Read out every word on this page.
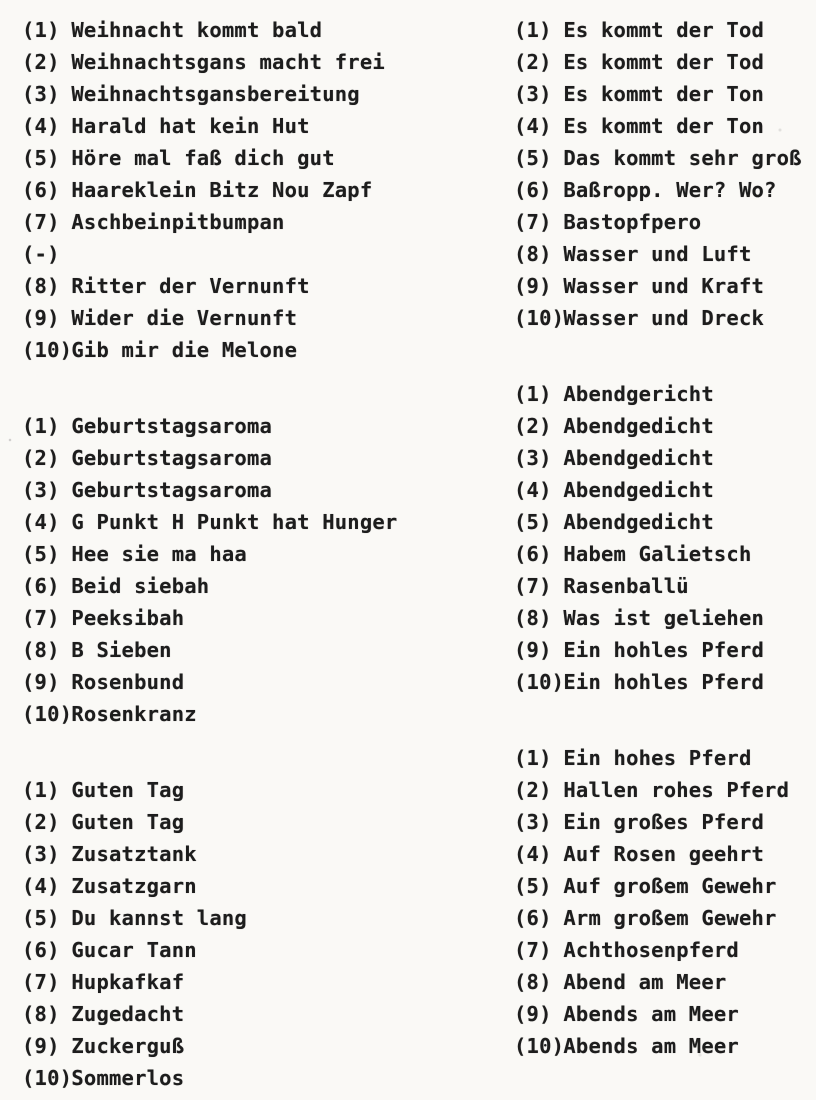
(1) Weihnacht kommt bald
(2) Weihnachtsgans macht frei
(3) Weihnachtsgansbereitung
(4) Harald hat kein Hut
(5) Höre mal faß dich gut
(6) Haareklein Bitz Nou Zapf
(7) Aschbeinpitbumpan
(-)
(8) Ritter der Vernunft
(9) Wider die Vernunft
(10)Gib mir die Melone
(1) Geburtstagsaroma
(2) Geburtstagsaroma
(3) Geburtstagsaroma
(4) G Punkt H Punkt hat Hunger
(5) Hee sie ma haa
(6) Beid siebah
(7) Peeksibah
(8) B Sieben
(9) Rosenbund
(10)Rosenkranz
(1) Guten Tag
(2) Guten Tag
(3) Zusatztank
(4) Zusatzgarn
(5) Du kannst lang
(6) Gucar Tann
(7) Hupkafkaf
(8) Zugedacht
(9) Zuckerguß
(10)Sommerlos
(1) Es kommt der Tod
(2) Es kommt der Tod
(3) Es kommt der Ton
(4) Es kommt der Ton
(5) Das kommt sehr groß
(6) Baßropp. Wer? Wo?
(7) Bastopfpero
(8) Wasser und Luft
(9) Wasser und Kraft
(10)Wasser und Dreck
(1) Abendgericht
(2) Abendgedicht
(3) Abendgedicht
(4) Abendgedicht
(5) Abendgedicht
(6) Habem Galietsch
(7) Rasenballü
(8) Was ist geliehen
(9) Ein hohles Pferd
(10)Ein hohles Pferd
(1) Ein hohes Pferd
(2) Hallen rohes Pferd
(3) Ein großes Pferd
(4) Auf Rosen geehrt
(5) Auf großem Gewehr
(6) Arm großem Gewehr
(7) Achthosenpferd
(8) Abend am Meer
(9) Abends am Meer
(10)Abends am Meer
